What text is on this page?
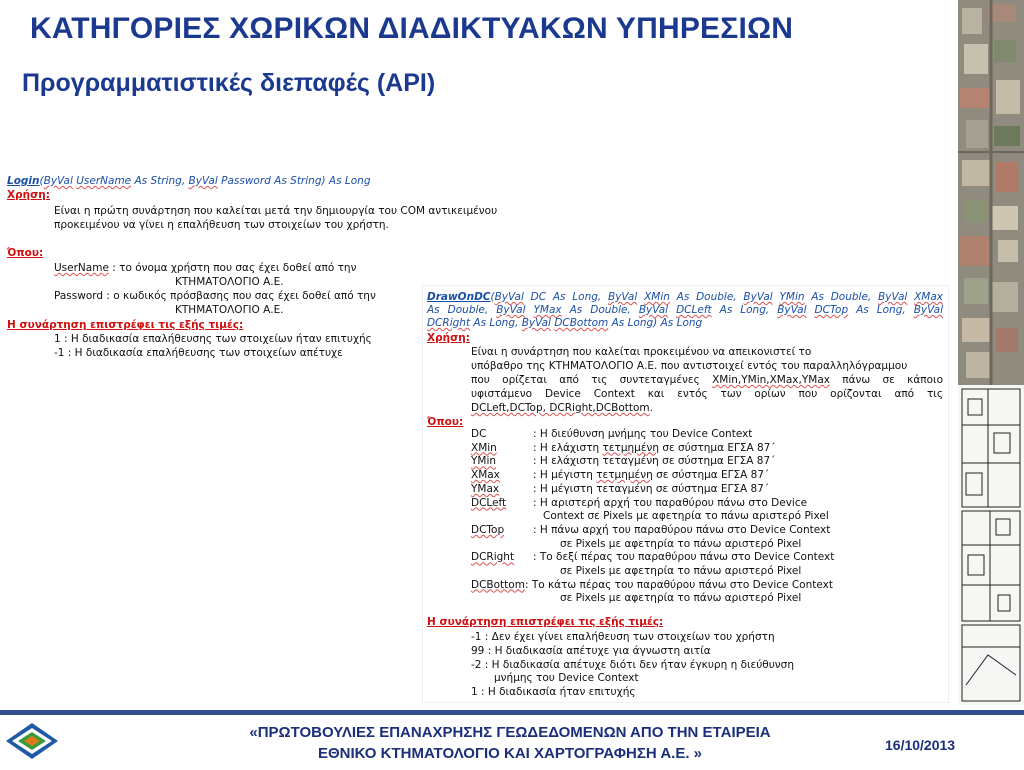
ΚΑΤΗΓΟΡΙΕΣ ΧΩΡΙΚΩΝ ΔΙΑΔΙΚΤΥΑΚΩΝ ΥΠΗΡΕΣΙΩΝ
Προγραμματιστικές διεπαφές (API)
Login(ByVal UserName As String, ByVal Password As String) As Long
Χρήση:
Είναι η πρώτη συνάρτηση που καλείται μετά την δημιουργία του COM αντικειμένου
προκειμένου να γίνει η επαλήθευση των στοιχείων του χρήστη.
Όπου:
UserName : το όνομα χρήστη που σας έχει δοθεί από την
ΚΤΗΜΑΤΟΛΟΓΙΟ Α.Ε.
Password : ο κωδικός πρόσβασης που σας έχει δοθεί από την
ΚΤΗΜΑΤΟΛΟΓΙΟ Α.Ε.
Η συνάρτηση επιστρέφει τις εξής τιμές:
1 : Η διαδικασία επαλήθευσης των στοιχείων ήταν επιτυχής
-1 : Η διαδικασία επαλήθευσης των στοιχείων απέτυχε
DrawOnDC(ByVal DC As Long, ByVal XMin As Double, ByVal YMin As Double, ByVal XMax
As Double, ByVal YMax As Double, ByVal DCLeft As Long, ByVal DCTop As Long, ByVal
DCRight As Long, ByVal DCBottom As Long) As Long
Χρήση:
Είναι η συνάρτηση που καλείται προκειμένου να απεικονιστεί το
υπόβαθρο της ΚΤΗΜΑΤΟΛΟΓΙΟ Α.Ε. που αντιστοιχεί εντός του παραλληλόγραμμου
που ορίζεται από τις συντεταγμένες XMin,YMin,XMax,YMax πάνω σε κάποιο
υφιστάμενο Device Context και εντός των ορίων που ορίζονται από τις
DCLeft,DCTop, DCRight,DCBottom.
Όπου:
DC	: Η διεύθυνση μνήμης του Device Context
XMin	: Η ελάχιστη τετμημένη σε σύστημα ΕΓΣΑ 87΄
YMin	: Η ελάχιστη τεταγμένη σε σύστημα ΕΓΣΑ 87΄
XMax	: Η μέγιστη τετμημένη σε σύστημα ΕΓΣΑ 87΄
YMax	: Η μέγιστη τεταγμένη σε σύστημα ΕΓΣΑ 87΄
DCLeft	: Η αριστερή αρχή του παραθύρου πάνω στο Device
Context σε Pixels με αφετηρία το πάνω αριστερό Pixel
DCTop	: Η πάνω αρχή του παραθύρου πάνω στο Device Context
σε Pixels με αφετηρία το πάνω αριστερό Pixel
DCRight : Το δεξί πέρας του παραθύρου πάνω στο Device Context
σε Pixels με αφετηρία το πάνω αριστερό Pixel
DCBottom: Το κάτω πέρας του παραθύρου πάνω στο Device Context
σε Pixels με αφετηρία το πάνω αριστερό Pixel
Η συνάρτηση επιστρέφει τις εξής τιμές:
-1 : Δεν έχει γίνει επαλήθευση των στοιχείων του χρήστη
99 : Η διαδικασία απέτυχε για άγνωστη αιτία
-2 : Η διαδικασία απέτυχε διότι δεν ήταν έγκυρη η διεύθυνση
μνήμης του Device Context
1 : Η διαδικασία ήταν επιτυχής
«ΠΡΩΤΟΒΟΥΛΙΕΣ ΕΠΑΝΑΧΡΗΣΗΣ ΓΕΩΔΕΔΟΜΕΝΩΝ ΑΠΟ ΤΗΝ ΕΤΑΙΡΕΙΑ
ΕΘΝΙΚΟ ΚΤΗΜΑΤΟΛΟΓΙΟ ΚΑΙ ΧΑΡΤΟΓΡΑΦΗΣΗ Α.Ε. »	16/10/2013
